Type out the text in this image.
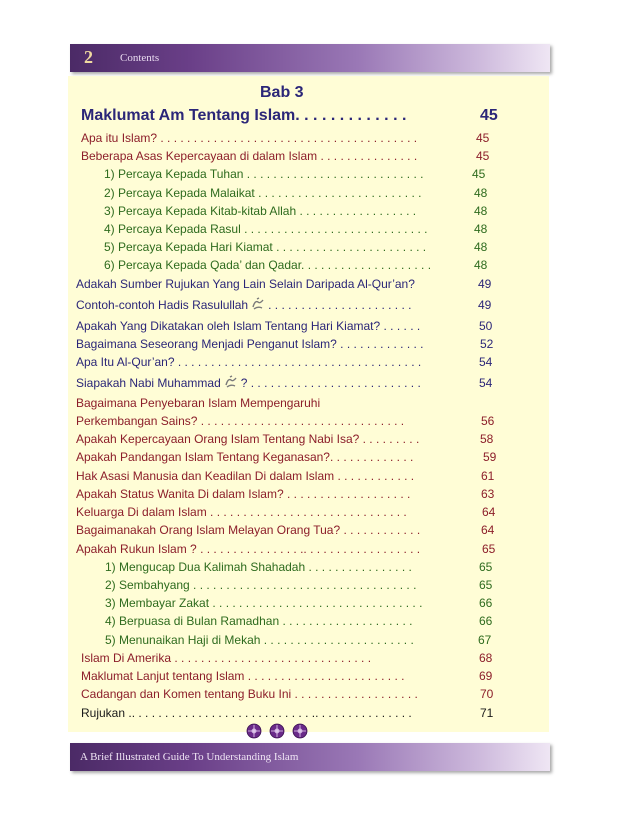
2 Contents
Bab 3
Maklumat Am Tentang Islam. . . . . . . . . . . . .	45
Apa itu Islam? . . . . . . . . . . . . . . . . . . . . . . . . . . . . . . . . . . . . . . .	45
Beberapa Asas Kepercayaan di dalam Islam . . . . . . . . . . . . . . .	45
1) Percaya Kepada Tuhan . . . . . . . . . . . . . . . . . . . . . . . . . . .	45
2) Percaya Kepada Malaikat . . . . . . . . . . . . . . . . . . . . . . . . .	48
3) Percaya Kepada Kitab-kitab Allah . . . . . . . . . . . . . . . . . .	48
4) Percaya Kepada Rasul . . . . . . . . . . . . . . . . . . . . . . . . . . . .	48
5) Percaya Kepada Hari Kiamat . . . . . . . . . . . . . . . . . . . . . . .	48
6) Percaya Kepada Qada’ dan Qadar. . . . . . . . . . . . . . . . . . . .	48
Adakah Sumber Rujukan Yang Lain Selain Daripada Al-Qur’an?	49
Contoh-contoh Hadis Rasulullah . . . . . . . . . . . . . . . . . . . . . .	49
Apakah Yang Dikatakan oleh Islam Tentang Hari Kiamat? . . . . . .	50
Bagaimana Seseorang Menjadi Penganut Islam? . . . . . . . . . . . . .	52
Apa Itu Al-Qur’an? . . . . . . . . . . . . . . . . . . . . . . . . . . . . . . . . . . . . .	54
Siapakah Nabi Muhammad ? . . . . . . . . . . . . . . . . . . . . . . . . . .	54
Bagaimana Penyebaran Islam Mempengaruhi
Perkembangan Sains? . . . . . . . . . . . . . . . . . . . . . . . . . . . . . . .	56
Apakah Kepercayaan Orang Islam Tentang Nabi Isa? . . . . . . . . .	58
Apakah Pandangan Islam Tentang Keganasan?. . . . . . . . . . . . .	59
Hak Asasi Manusia dan Keadilan Di dalam Islam . . . . . . . . . . . .	61
Apakah Status Wanita Di dalam Islam? . . . . . . . . . . . . . . . . . . .	63
Keluarga Di dalam Islam . . . . . . . . . . . . . . . . . . . . . . . . . . . . . .	64
Bagaimanakah Orang Islam Melayan Orang Tua? . . . . . . . . . . . .	64
Apakah Rukun Islam ? . . . . . . . . . . . . . . . .. . . . . . . . . . . . . . . . . .	65
1) Mengucap Dua Kalimah Shahadah . . . . . . . . . . . . . . . .	65
2) Sembahyang . . . . . . . . . . . . . . . . . . . . . . . . . . . . . . . . . .	65
3) Membayar Zakat . . . . . . . . . . . . . . . . . . . . . . . . . . . . . . . .	66
4) Berpuasa di Bulan Ramadhan . . . . . . . . . . . . . . . . . . . .	66
5) Menunaikan Haji di Mekah . . . . . . . . . . . . . . . . . . . . . . .	67
Islam Di Amerika . . . . . . . . . . . . . . . . . . . . . . . . . . . . . .	68
Maklumat Lanjut tentang Islam . . . . . . . . . . . . . . . . . . . . . . . .	69
Cadangan dan Komen tentang Buku Ini . . . . . . . . . . . . . . . . . . .	70
Rujukan .. . . . . . . . . . . . . . . . . . . . . . . . . . . .. . . . . . . . . . . . . . .	71
A Brief Illustrated Guide To Understanding Islam
